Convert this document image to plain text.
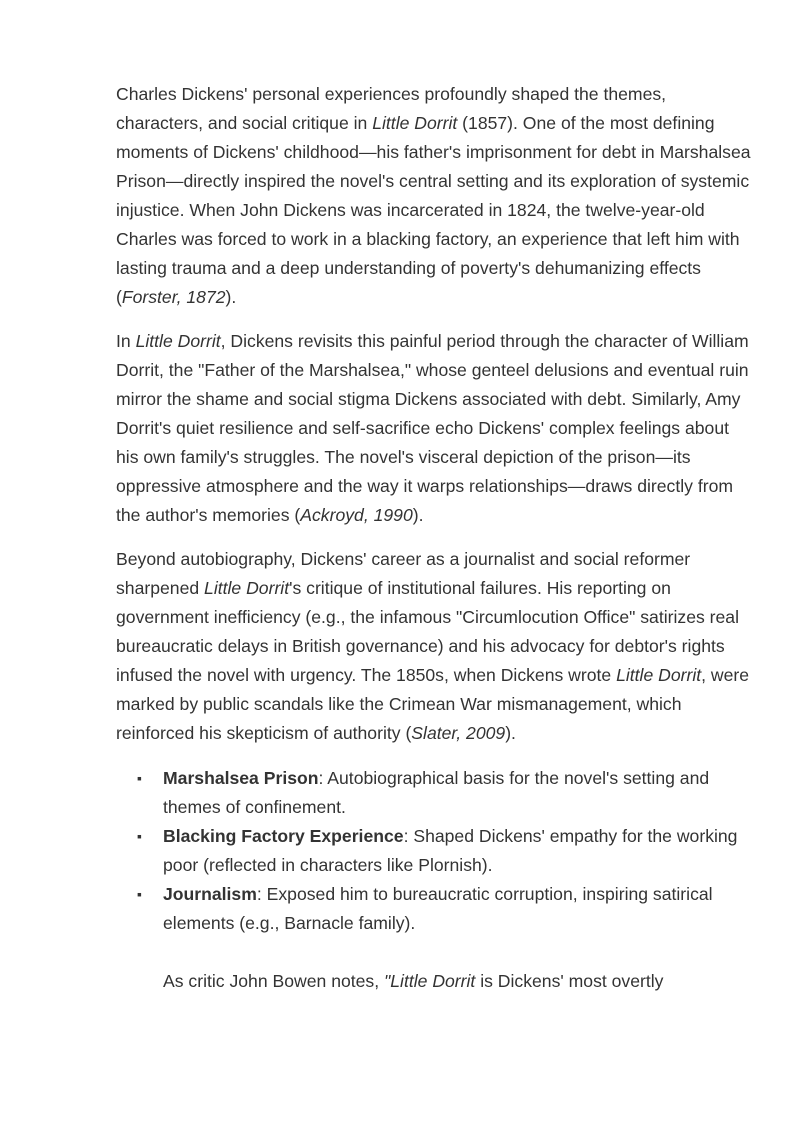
Charles Dickens' personal experiences profoundly shaped the themes, characters, and social critique in Little Dorrit (1857). One of the most defining moments of Dickens' childhood—his father's imprisonment for debt in Marshalsea Prison—directly inspired the novel's central setting and its exploration of systemic injustice. When John Dickens was incarcerated in 1824, the twelve-year-old Charles was forced to work in a blacking factory, an experience that left him with lasting trauma and a deep understanding of poverty's dehumanizing effects (Forster, 1872).

In Little Dorrit, Dickens revisits this painful period through the character of William Dorrit, the "Father of the Marshalsea," whose genteel delusions and eventual ruin mirror the shame and social stigma Dickens associated with debt. Similarly, Amy Dorrit's quiet resilience and self-sacrifice echo Dickens' complex feelings about his own family's struggles. The novel's visceral depiction of the prison—its oppressive atmosphere and the way it warps relationships—draws directly from the author's memories (Ackroyd, 1990).

Beyond autobiography, Dickens' career as a journalist and social reformer sharpened Little Dorrit's critique of institutional failures. His reporting on government inefficiency (e.g., the infamous "Circumlocution Office" satirizes real bureaucratic delays in British governance) and his advocacy for debtor's rights infused the novel with urgency. The 1850s, when Dickens wrote Little Dorrit, were marked by public scandals like the Crimean War mismanagement, which reinforced his skepticism of authority (Slater, 2009).

▪ Marshalsea Prison: Autobiographical basis for the novel's setting and themes of confinement.
▪ Blacking Factory Experience: Shaped Dickens' empathy for the working poor (reflected in characters like Plornish).
▪ Journalism: Exposed him to bureaucratic corruption, inspiring satirical elements (e.g., Barnacle family).
As critic John Bowen notes, "Little Dorrit is Dickens' most overtly
